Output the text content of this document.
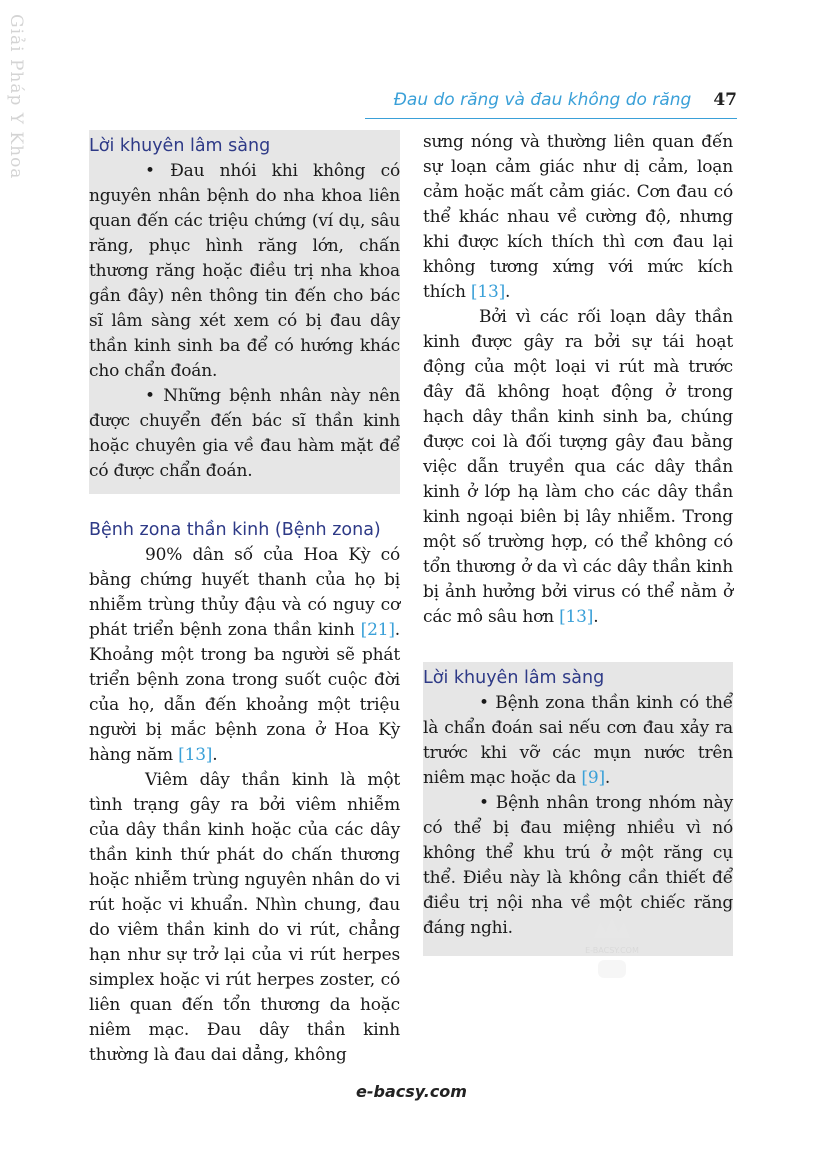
Giải Pháp Y Khoa	Đau do răng và đau không do răng 47
Lời khuyên lâm sàng

• Đau nhói khi không có nguyên nhân bệnh do nha khoa liên quan đến các triệu chứng (ví dụ, sâu răng, phục hình răng lớn, chấn thương răng hoặc điều trị nha khoa gần đây) nên thông tin đến cho bác sĩ lâm sàng xét xem có bị đau dây thần kinh sinh ba để có hướng khác cho chẩn đoán.

• Những bệnh nhân này nên được chuyển đến bác sĩ thần kinh hoặc chuyên gia về đau hàm mặt để có được chẩn đoán.

Bệnh zona thần kinh (Bệnh zona)

90% dân số của Hoa Kỳ có bằng chứng huyết thanh của họ bị nhiễm trùng thủy đậu và có nguy cơ phát triển bệnh zona thần kinh [21]. Khoảng một trong ba người sẽ phát triển bệnh zona trong suốt cuộc đời của họ, dẫn đến khoảng một triệu người bị mắc bệnh zona ở Hoa Kỳ hàng năm [13].

Viêm dây thần kinh là một tình trạng gây ra bởi viêm nhiễm của dây thần kinh hoặc của các dây thần kinh thứ phát do chấn thương hoặc nhiễm trùng nguyên nhân do vi rút hoặc vi khuẩn. Nhìn chung, đau do viêm thần kinh do vi rút, chẳng hạn như sự trở lại của vi rút herpes simplex hoặc vi rút herpes zoster, có liên quan đến tổn thương da hoặc niêm mạc. Đau dây thần kinh thường là đau dai dẳng, không

sưng nóng và thường liên quan đến sự loạn cảm giác như dị cảm, loạn cảm hoặc mất cảm giác. Cơn đau có thể khác nhau về cường độ, nhưng khi được kích thích thì cơn đau lại không tương xứng với mức kích thích [13].

Bởi vì các rối loạn dây thần kinh được gây ra bởi sự tái hoạt động của một loại vi rút mà trước đây đã không hoạt động ở trong hạch dây thần kinh sinh ba, chúng được coi là đối tượng gây đau bằng việc dẫn truyền qua các dây thần kinh ở lớp hạ làm cho các dây thần kinh ngoại biên bị lây nhiễm. Trong một số trường hợp, có thể không có tổn thương ở da vì các dây thần kinh bị ảnh hưởng bởi virus có thể nằm ở các mô sâu hơn [13].

Lời khuyên lâm sàng

• Bệnh zona thần kinh có thể là chẩn đoán sai nếu cơn đau xảy ra trước khi vỡ các mụn nước trên niêm mạc hoặc da [9].

• Bệnh nhân trong nhóm này có thể bị đau miệng nhiều vì nó không thể khu trú ở một răng cụ thể. Điều này là không cần thiết để điều trị nội nha về một chiếc răng đáng nghi.

E-BACSY.COM
e-bacsy.com
